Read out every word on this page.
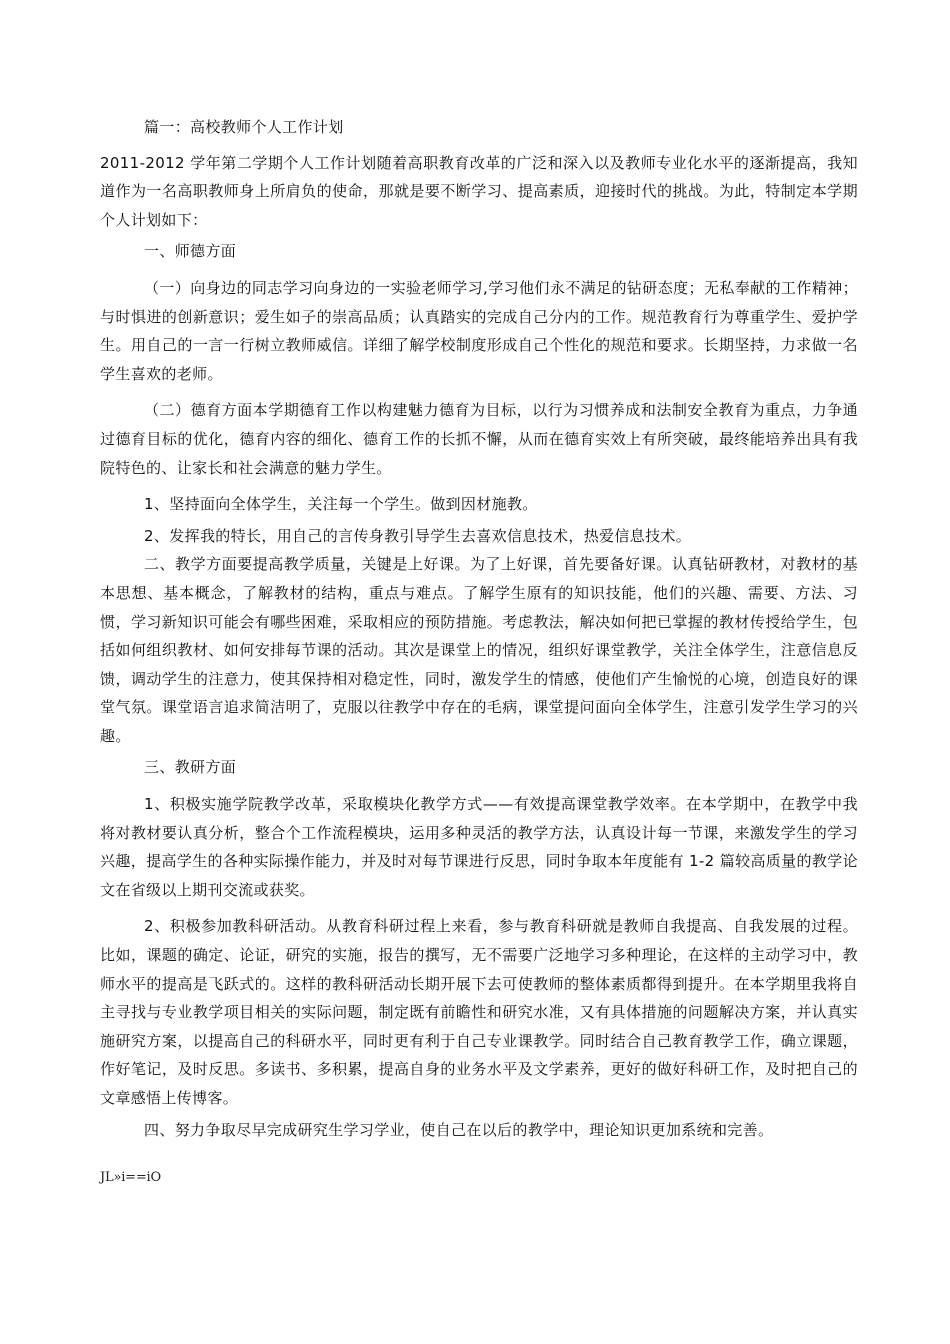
篇一：高校教师个人工作计划

2011-2012 学年第二学期个人工作计划随着高职教育改革的广泛和深入以及教师专业化水平的逐渐提高，我知道作为一名高职教师身上所肩负的使命，那就是要不断学习、提高素质，迎接时代的挑战。为此，特制定本学期个人计划如下：

一、师德方面

（一）向身边的同志学习向身边的一实验老师学习,学习他们永不满足的钻研态度；无私奉献的工作精神；与时惧进的创新意识；爱生如子的崇高品质；认真踏实的完成自己分内的工作。规范教育行为尊重学生、爱护学生。用自己的一言一行树立教师威信。详细了解学校制度形成自己个性化的规范和要求。长期坚持，力求做一名学生喜欢的老师。

（二）德育方面本学期德育工作以构建魅力德育为目标，以行为习惯养成和法制安全教育为重点，力争通过德育目标的优化，德育内容的细化、德育工作的长抓不懈，从而在德育实效上有所突破，最终能培养出具有我院特色的、让家长和社会满意的魅力学生。

1、坚持面向全体学生，关注每一个学生。做到因材施教。

2、发挥我的特长，用自己的言传身教引导学生去喜欢信息技术，热爱信息技术。

二、教学方面要提高教学质量，关键是上好课。为了上好课，首先要备好课。认真钻研教材，对教材的基本思想、基本概念，了解教材的结构，重点与难点。了解学生原有的知识技能，他们的兴趣、需要、方法、习惯，学习新知识可能会有哪些困难，采取相应的预防措施。考虑教法，解决如何把已掌握的教材传授给学生，包括如何组织教材、如何安排每节课的活动。其次是课堂上的情况，组织好课堂教学，关注全体学生，注意信息反馈，调动学生的注意力，使其保持相对稳定性，同时，激发学生的情感，使他们产生愉悦的心境，创造良好的课堂气氛。课堂语言追求简洁明了，克服以往教学中存在的毛病，课堂提问面向全体学生，注意引发学生学习的兴趣。

三、教研方面

1、积极实施学院教学改革，采取模块化教学方式——有效提高课堂教学效率。在本学期中，在教学中我将对教材要认真分析，整合个工作流程模块，运用多种灵活的教学方法，认真设计每一节课，来激发学生的学习兴趣，提高学生的各种实际操作能力，并及时对每节课进行反思，同时争取本年度能有 1-2 篇较高质量的教学论文在省级以上期刊交流或获奖。

2、积极参加教科研活动。从教育科研过程上来看，参与教育科研就是教师自我提高、自我发展的过程。比如，课题的确定、论证，研究的实施，报告的撰写，无不需要广泛地学习多种理论，在这样的主动学习中，教师水平的提高是飞跃式的。这样的教科研活动长期开展下去可使教师的整体素质都得到提升。在本学期里我将自主寻找与专业教学项目相关的实际问题，制定既有前瞻性和研究水准，又有具体措施的问题解决方案，并认真实施研究方案，以提高自己的科研水平，同时更有利于自己专业课教学。同时结合自己教育教学工作，确立课题，作好笔记，及时反思。多读书、多积累，提高自身的业务水平及文学素养，更好的做好科研工作，及时把自己的文章感悟上传博客。

四、努力争取尽早完成研究生学习学业，使自己在以后的教学中，理论知识更加系统和完善。

JL»i==iO
